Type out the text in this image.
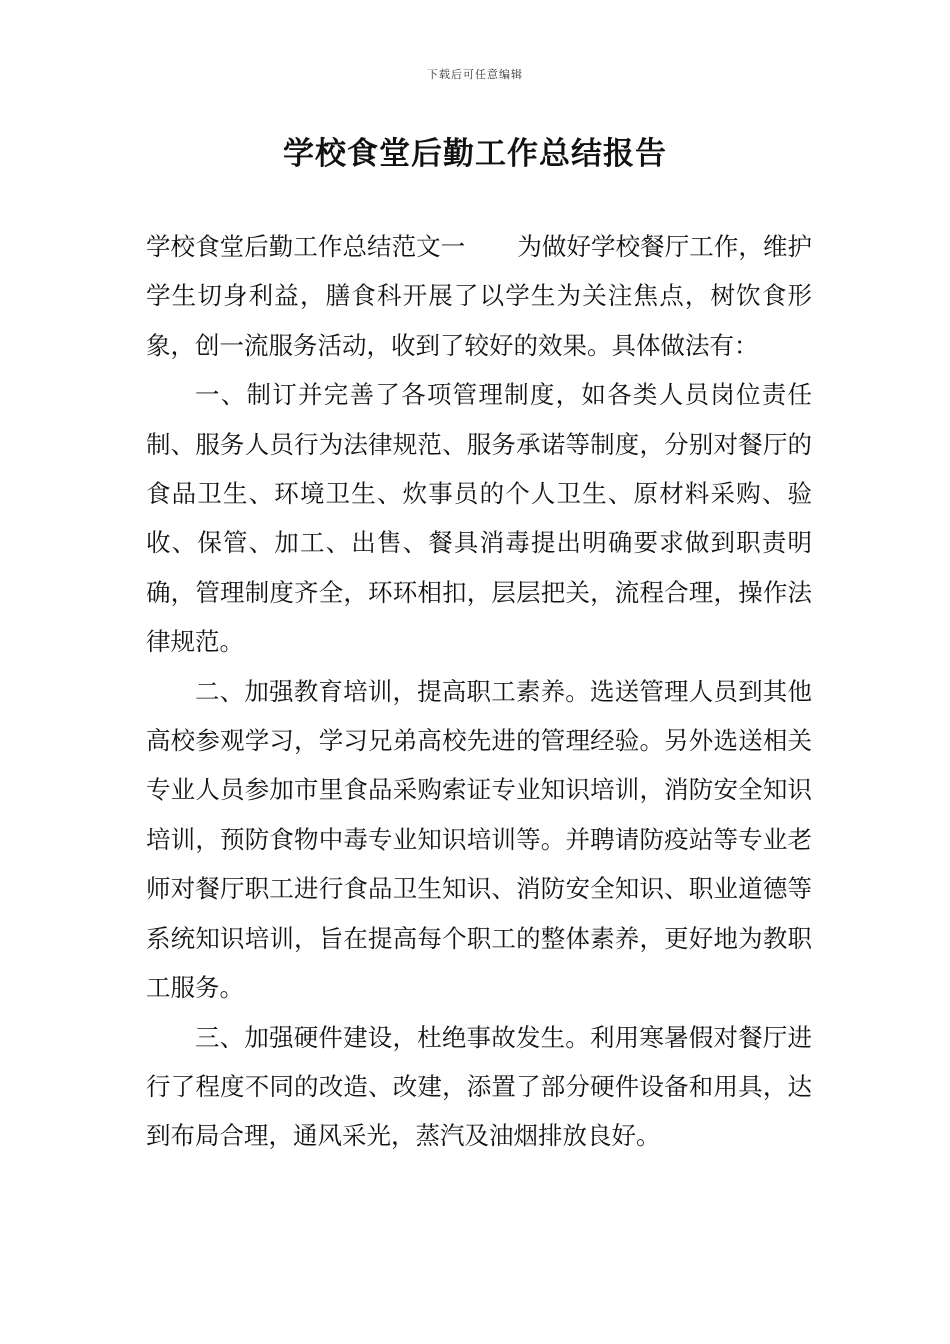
下载后可任意编辑
学校食堂后勤工作总结报告

学校食堂后勤工作总结范文一 为做好学校餐厅工作，维护学生切身利益，膳食科开展了以学生为关注焦点，树饮食形象，创一流服务活动，收到了较好的效果。具体做法有：

一、制订并完善了各项管理制度，如各类人员岗位责任制、服务人员行为法律规范、服务承诺等制度，分别对餐厅的食品卫生、环境卫生、炊事员的个人卫生、原材料采购、验收、保管、加工、出售、餐具消毒提出明确要求做到职责明确，管理制度齐全，环环相扣，层层把关，流程合理，操作法律规范。

二、加强教育培训，提高职工素养。选送管理人员到其他高校参观学习，学习兄弟高校先进的管理经验。另外选送相关专业人员参加市里食品采购索证专业知识培训，消防安全知识培训，预防食物中毒专业知识培训等。并聘请防疫站等专业老师对餐厅职工进行食品卫生知识、消防安全知识、职业道德等系统知识培训，旨在提高每个职工的整体素养，更好地为教职工服务。

三、加强硬件建设，杜绝事故发生。利用寒暑假对餐厅进行了程度不同的改造、改建，添置了部分硬件设备和用具，达到布局合理，通风采光，蒸汽及油烟排放良好。
